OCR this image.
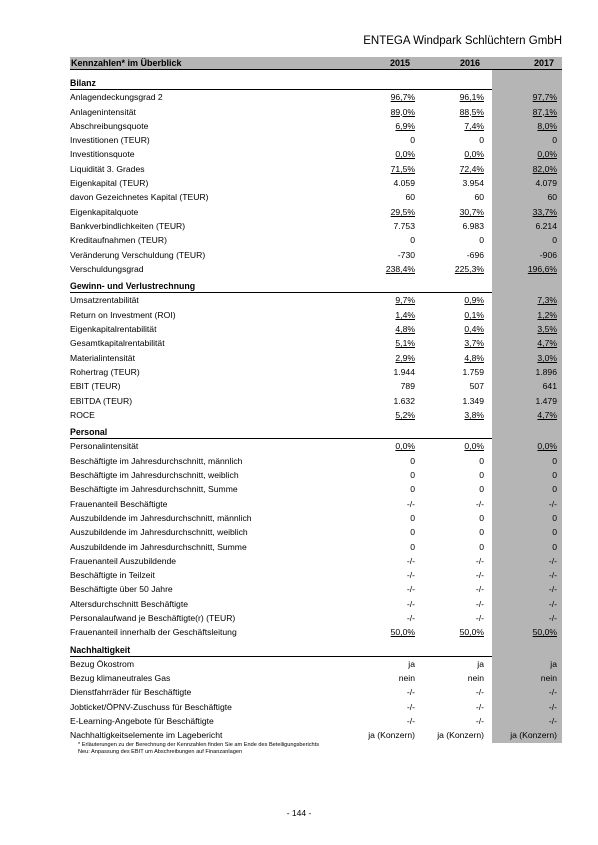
ENTEGA Windpark Schlüchtern GmbH
Kennzahlen* im Überblick	2015	2016	2017
Bilanz
Anlagendeckungsgrad 2	96,7%	96,1%	97,7%
Anlagenintensität	89,0%	88,5%	87,1%
Abschreibungsquote	6,9%	7,4%	8,0%
Investitionen (TEUR)	0	0	0
Investitionsquote	0,0%	0,0%	0,0%
Liquidität 3. Grades	71,5%	72,4%	82,0%
Eigenkapital (TEUR)	4.059	3.954	4.079
davon Gezeichnetes Kapital (TEUR)	60	60	60
Eigenkapitalquote	29,5%	30,7%	33,7%
Bankverbindlichkeiten (TEUR)	7.753	6.983	6.214
Kreditaufnahmen (TEUR)	0	0	0
Veränderung Verschuldung (TEUR)	-730	-696	-906
Verschuldungsgrad	238,4%	225,3%	196,6%
Gewinn- und Verlustrechnung
Umsatzrentabilität	9,7%	0,9%	7,3%
Return on Investment (ROI)	1,4%	0,1%	1,2%
Eigenkapitalrentabilität	4,8%	0,4%	3,5%
Gesamtkapitalrentabilität	5,1%	3,7%	4,7%
Materialintensität	2,9%	4,8%	3,0%
Rohertrag (TEUR)	1.944	1.759	1.896
EBIT (TEUR)	789	507	641
EBITDA (TEUR)	1.632	1.349	1.479
ROCE	5,2%	3,8%	4,7%
Personal
Personalintensität	0,0%	0,0%	0,0%
Beschäftigte im Jahresdurchschnitt, männlich	0	0	0
Beschäftigte im Jahresdurchschnitt, weiblich	0	0	0
Beschäftigte im Jahresdurchschnitt, Summe	0	0	0
Frauenanteil Beschäftigte	-/-	-/-	-/-
Auszubildende im Jahresdurchschnitt, männlich	0	0	0
Auszubildende im Jahresdurchschnitt, weiblich	0	0	0
Auszubildende im Jahresdurchschnitt, Summe	0	0	0
Frauenanteil Auszubildende	-/-	-/-	-/-
Beschäftigte in Teilzeit	-/-	-/-	-/-
Beschäftigte über 50 Jahre	-/-	-/-	-/-
Altersdurchschnitt Beschäftigte	-/-	-/-	-/-
Personalaufwand je Beschäftigte(r) (TEUR)	-/-	-/-	-/-
Frauenanteil innerhalb der Geschäftsleitung	50,0%	50,0%	50,0%
Nachhaltigkeit
Bezug Ökostrom	ja	ja	ja
Bezug klimaneutrales Gas	nein	nein	nein
Dienstfahrräder für Beschäftigte	-/-	-/-	-/-
Jobticket/ÖPNV-Zuschuss für Beschäftigte	-/-	-/-	-/-
E-Learning-Angebote für Beschäftigte	-/-	-/-	-/-
Nachhaltigkeitselemente im Lagebericht	ja (Konzern)	ja (Konzern)	ja (Konzern)
* Erläuterungen zu der Berechnung der Kennzahlen finden Sie am Ende des Beteiligungsberichts
Neu: Anpassung des EBIT um Abschreibungen auf Finanzanlagen
- 144 -
